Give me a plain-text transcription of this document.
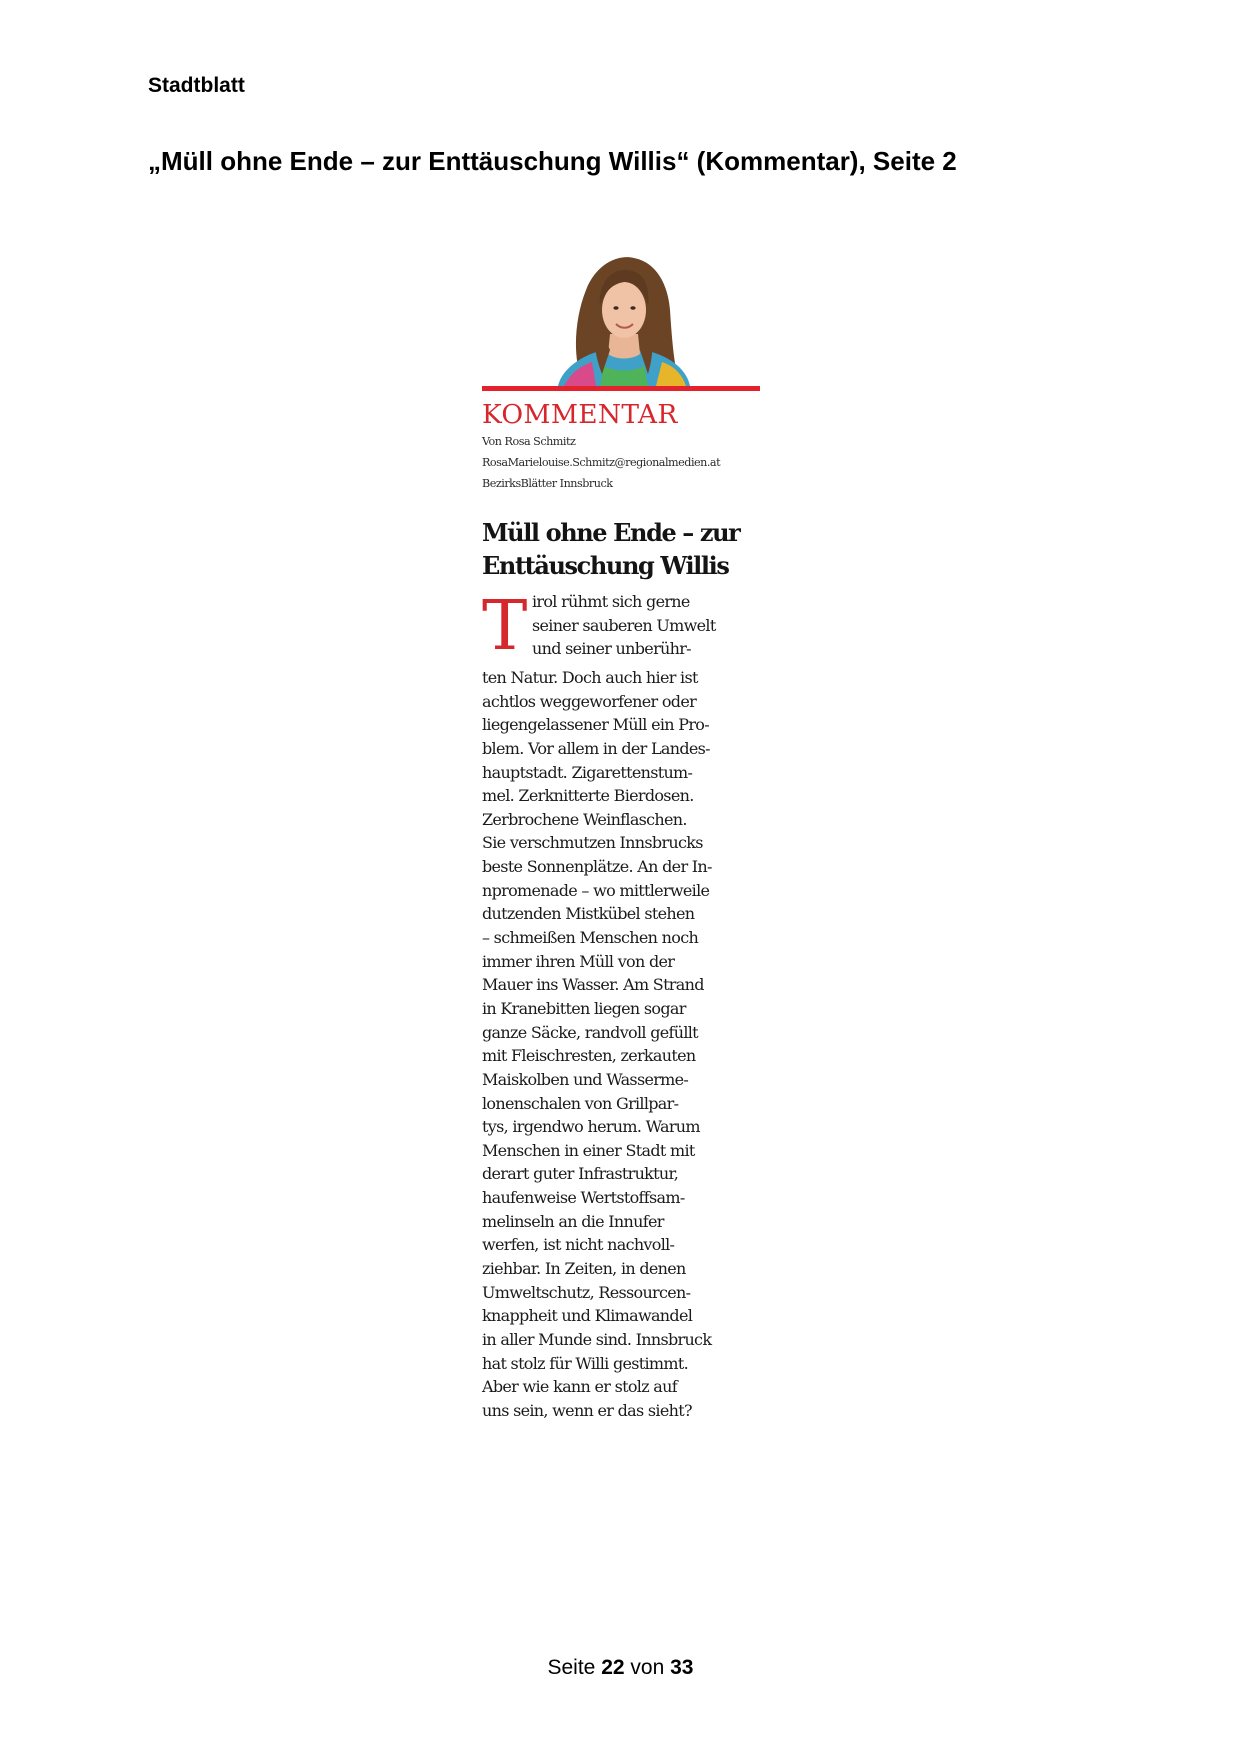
Stadtblatt
„Müll ohne Ende – zur Enttäuschung Willis“ (Kommentar), Seite 2
KOMMENTAR
Von Rosa Schmitz
RosaMarielouise.Schmitz@regionalmedien.at
BezirksBlätter Innsbruck
Müll ohne Ende – zur
Enttäuschung Willis
T irol rühmt sich gerne
seiner sauberen Umwelt
und seiner unberühr-
ten Natur. Doch auch hier ist
achtlos weggeworfener oder
liegengelassener Müll ein Pro-
blem. Vor allem in der Landes-
hauptstadt. Zigarettenstum-
mel. Zerknitterte Bierdosen.
Zerbrochene Weinflaschen.
Sie verschmutzen Innsbrucks
beste Sonnenplätze. An der In-
npromenade – wo mittlerweile
dutzenden Mistkübel stehen
– schmeißen Menschen noch
immer ihren Müll von der
Mauer ins Wasser. Am Strand
in Kranebitten liegen sogar
ganze Säcke, randvoll gefüllt
mit Fleischresten, zerkauten
Maiskolben und Wasserme-
lonenschalen von Grillpar-
tys, irgendwo herum. Warum
Menschen in einer Stadt mit
derart guter Infrastruktur,
haufenweise Wertstoffsam-
melinseln an die Innufer
werfen, ist nicht nachvoll-
ziehbar. In Zeiten, in denen
Umweltschutz, Ressourcen-
knappheit und Klimawandel
in aller Munde sind. Innsbruck
hat stolz für Willi gestimmt.
Aber wie kann er stolz auf
uns sein, wenn er das sieht?
Seite 22 von 33
